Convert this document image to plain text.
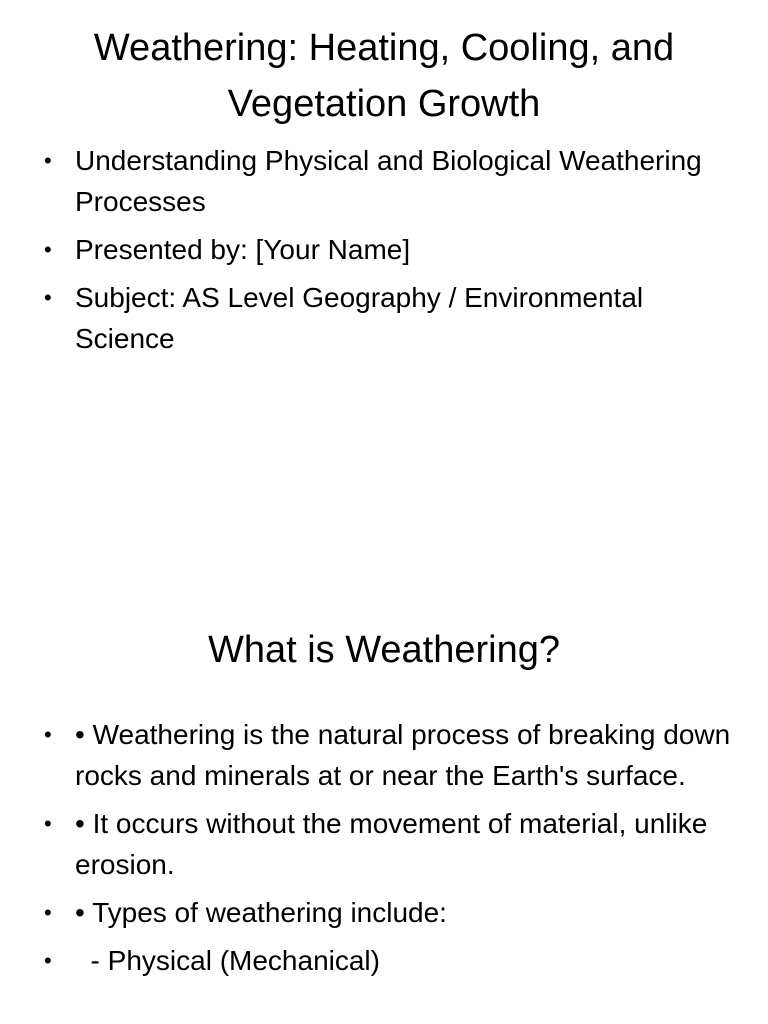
Weathering: Heating, Cooling, and Vegetation Growth
• Understanding Physical and Biological Weathering Processes
• Presented by: [Your Name]
• Subject: AS Level Geography / Environmental Science
What is Weathering?
• • Weathering is the natural process of breaking down rocks and minerals at or near the Earth's surface.
• • It occurs without the movement of material, unlike erosion.
• • Types of weathering include:
• - Physical (Mechanical)
